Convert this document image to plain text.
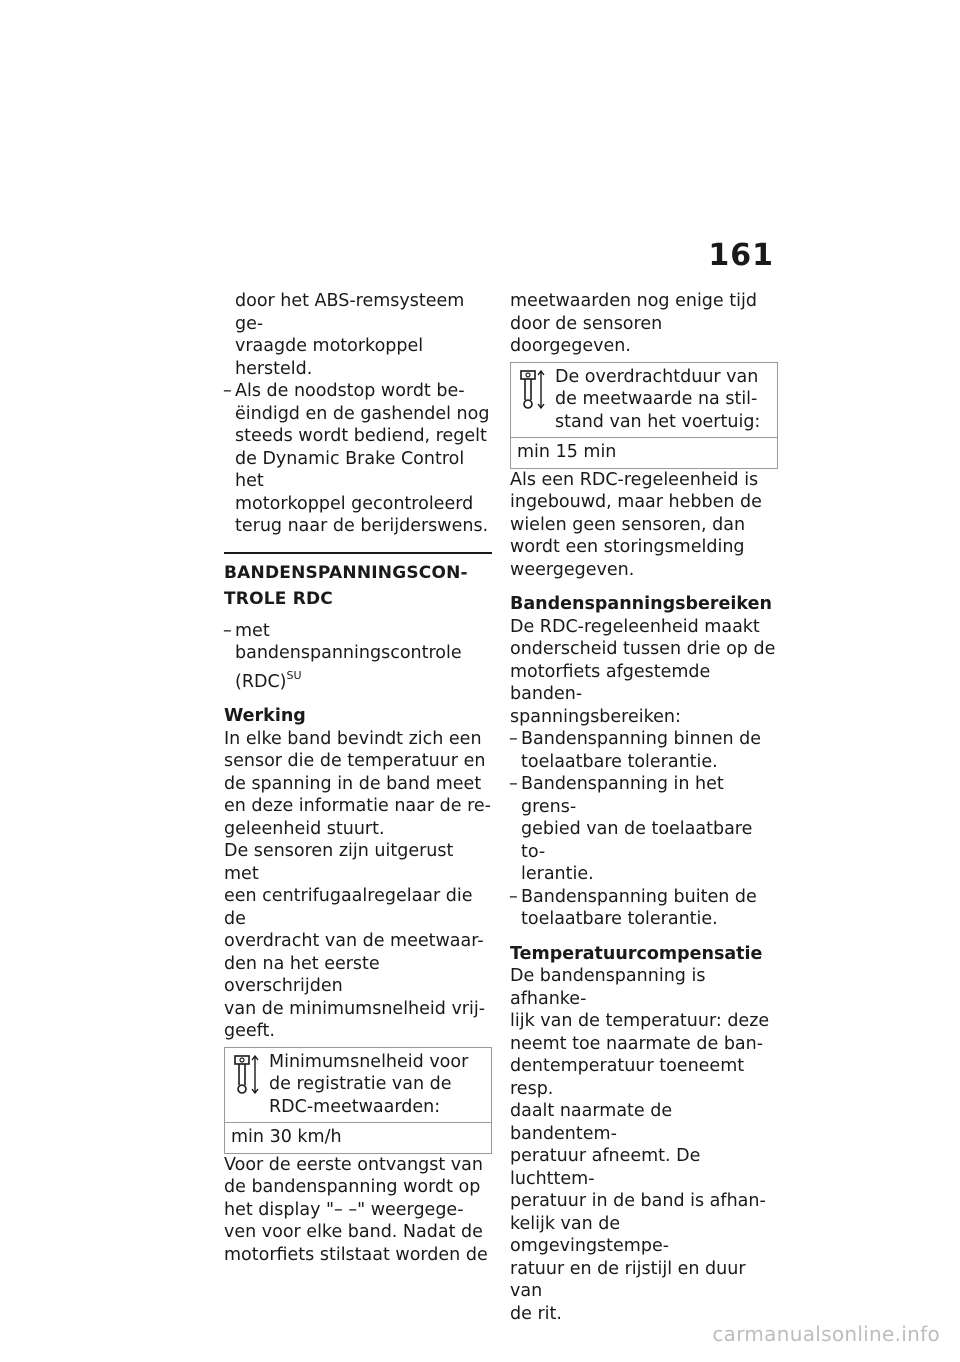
161

door het ABS-remsysteem ge-

vraagde motorkoppel hersteld.

– Als de noodstop wordt be-

ëindigd en de gashendel nog

steeds wordt bediend, regelt

de Dynamic Brake Control het

motorkoppel gecontroleerd

terug naar de berijderswens.

BANDENSPANNINGSCON-
TROLE RDC
– met bandenspanningscontrole

(RDC)$^{SU}$

Werking

In elke band bevindt zich een

sensor die de temperatuur en

de spanning in de band meet

en deze informatie naar de re-

geleenheid stuurt.

De sensoren zijn uitgerust met

een centrifugaalregelaar die de

overdracht van de meetwaar-

den na het eerste overschrijden

van de minimumsnelheid vrij-

geeft.

Minimumsnelheid voor

de registratie van de

RDC-meetwaarden:

min 30 km/h

Voor de eerste ontvangst van

de bandenspanning wordt op

het display "– –" weergege-

ven voor elke band. Nadat de

motorfiets stilstaat worden de

meetwaarden nog enige tijd

door de sensoren doorgegeven.

De overdrachtduur van

de meetwaarde na stil-

stand van het voertuig:

min 15 min

Als een RDC-regeleenheid is

ingebouwd, maar hebben de

wielen geen sensoren, dan

wordt een storingsmelding

weergegeven.

Bandenspanningsbereiken

De RDC-regeleenheid maakt

onderscheid tussen drie op de

motorfiets afgestemde banden-

spanningsbereiken:

– Bandenspanning binnen de

toelaatbare tolerantie.

– Bandenspanning in het grens-

gebied van de toelaatbare to-

lerantie.

– Bandenspanning buiten de

toelaatbare tolerantie.

Temperatuurcompensatie

De bandenspanning is afhanke-

lijk van de temperatuur: deze

neemt toe naarmate de ban-

dentemperatuur toeneemt resp.

daalt naarmate de bandentem-

peratuur afneemt. De luchttem-

peratuur in de band is afhan-

kelijk van de omgevingstempe-

ratuur en de rijstijl en duur van

de rit.

carmanualsonline.info
